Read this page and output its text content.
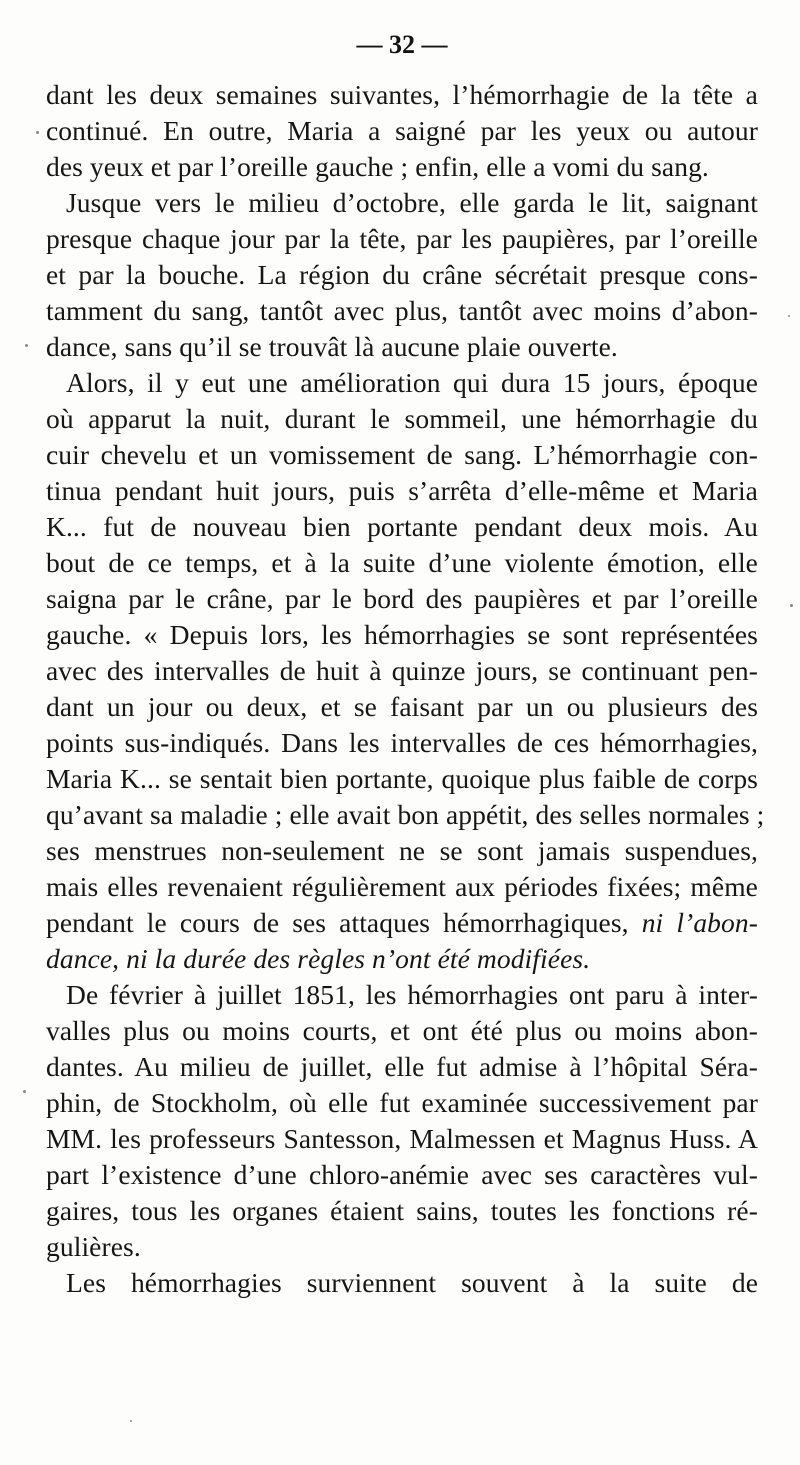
— 32 —
dant les deux semaines suivantes, l’hémorrhagie de la tête a
continué. En outre, Maria a saigné par les yeux ou autour
des yeux et par l’oreille gauche ; enfin, elle a vomi du sang.
Jusque vers le milieu d’octobre, elle garda le lit, saignant
presque chaque jour par la tête, par les paupières, par l’oreille
et par la bouche. La région du crâne sécrétait presque cons-
tamment du sang, tantôt avec plus, tantôt avec moins d’abon-
dance, sans qu’il se trouvât là aucune plaie ouverte.
Alors, il y eut une amélioration qui dura 15 jours, époque
où apparut la nuit, durant le sommeil, une hémorrhagie du
cuir chevelu et un vomissement de sang. L’hémorrhagie con-
tinua pendant huit jours, puis s’arrêta d’elle-même et Maria
K... fut de nouveau bien portante pendant deux mois. Au
bout de ce temps, et à la suite d’une violente émotion, elle
saigna par le crâne, par le bord des paupières et par l’oreille
gauche. « Depuis lors, les hémorrhagies se sont représentées
avec des intervalles de huit à quinze jours, se continuant pen-
dant un jour ou deux, et se faisant par un ou plusieurs des
points sus-indiqués. Dans les intervalles de ces hémorrhagies,
Maria K... se sentait bien portante, quoique plus faible de corps
qu’avant sa maladie ; elle avait bon appétit, des selles normales ;
ses menstrues non-seulement ne se sont jamais suspendues,
mais elles revenaient régulièrement aux périodes fixées; même
pendant le cours de ses attaques hémorrhagiques, ni l’abon-
dance, ni la durée des règles n’ont été modifiées.
De février à juillet 1851, les hémorrhagies ont paru à inter-
valles plus ou moins courts, et ont été plus ou moins abon-
dantes. Au milieu de juillet, elle fut admise à l’hôpital Séra-
phin, de Stockholm, où elle fut examinée successivement par
MM. les professeurs Santesson, Malmessen et Magnus Huss. A
part l’existence d’une chloro-anémie avec ses caractères vul-
gaires, tous les organes étaient sains, toutes les fonctions ré-
gulières.
Les hémorrhagies surviennent souvent à la suite de
